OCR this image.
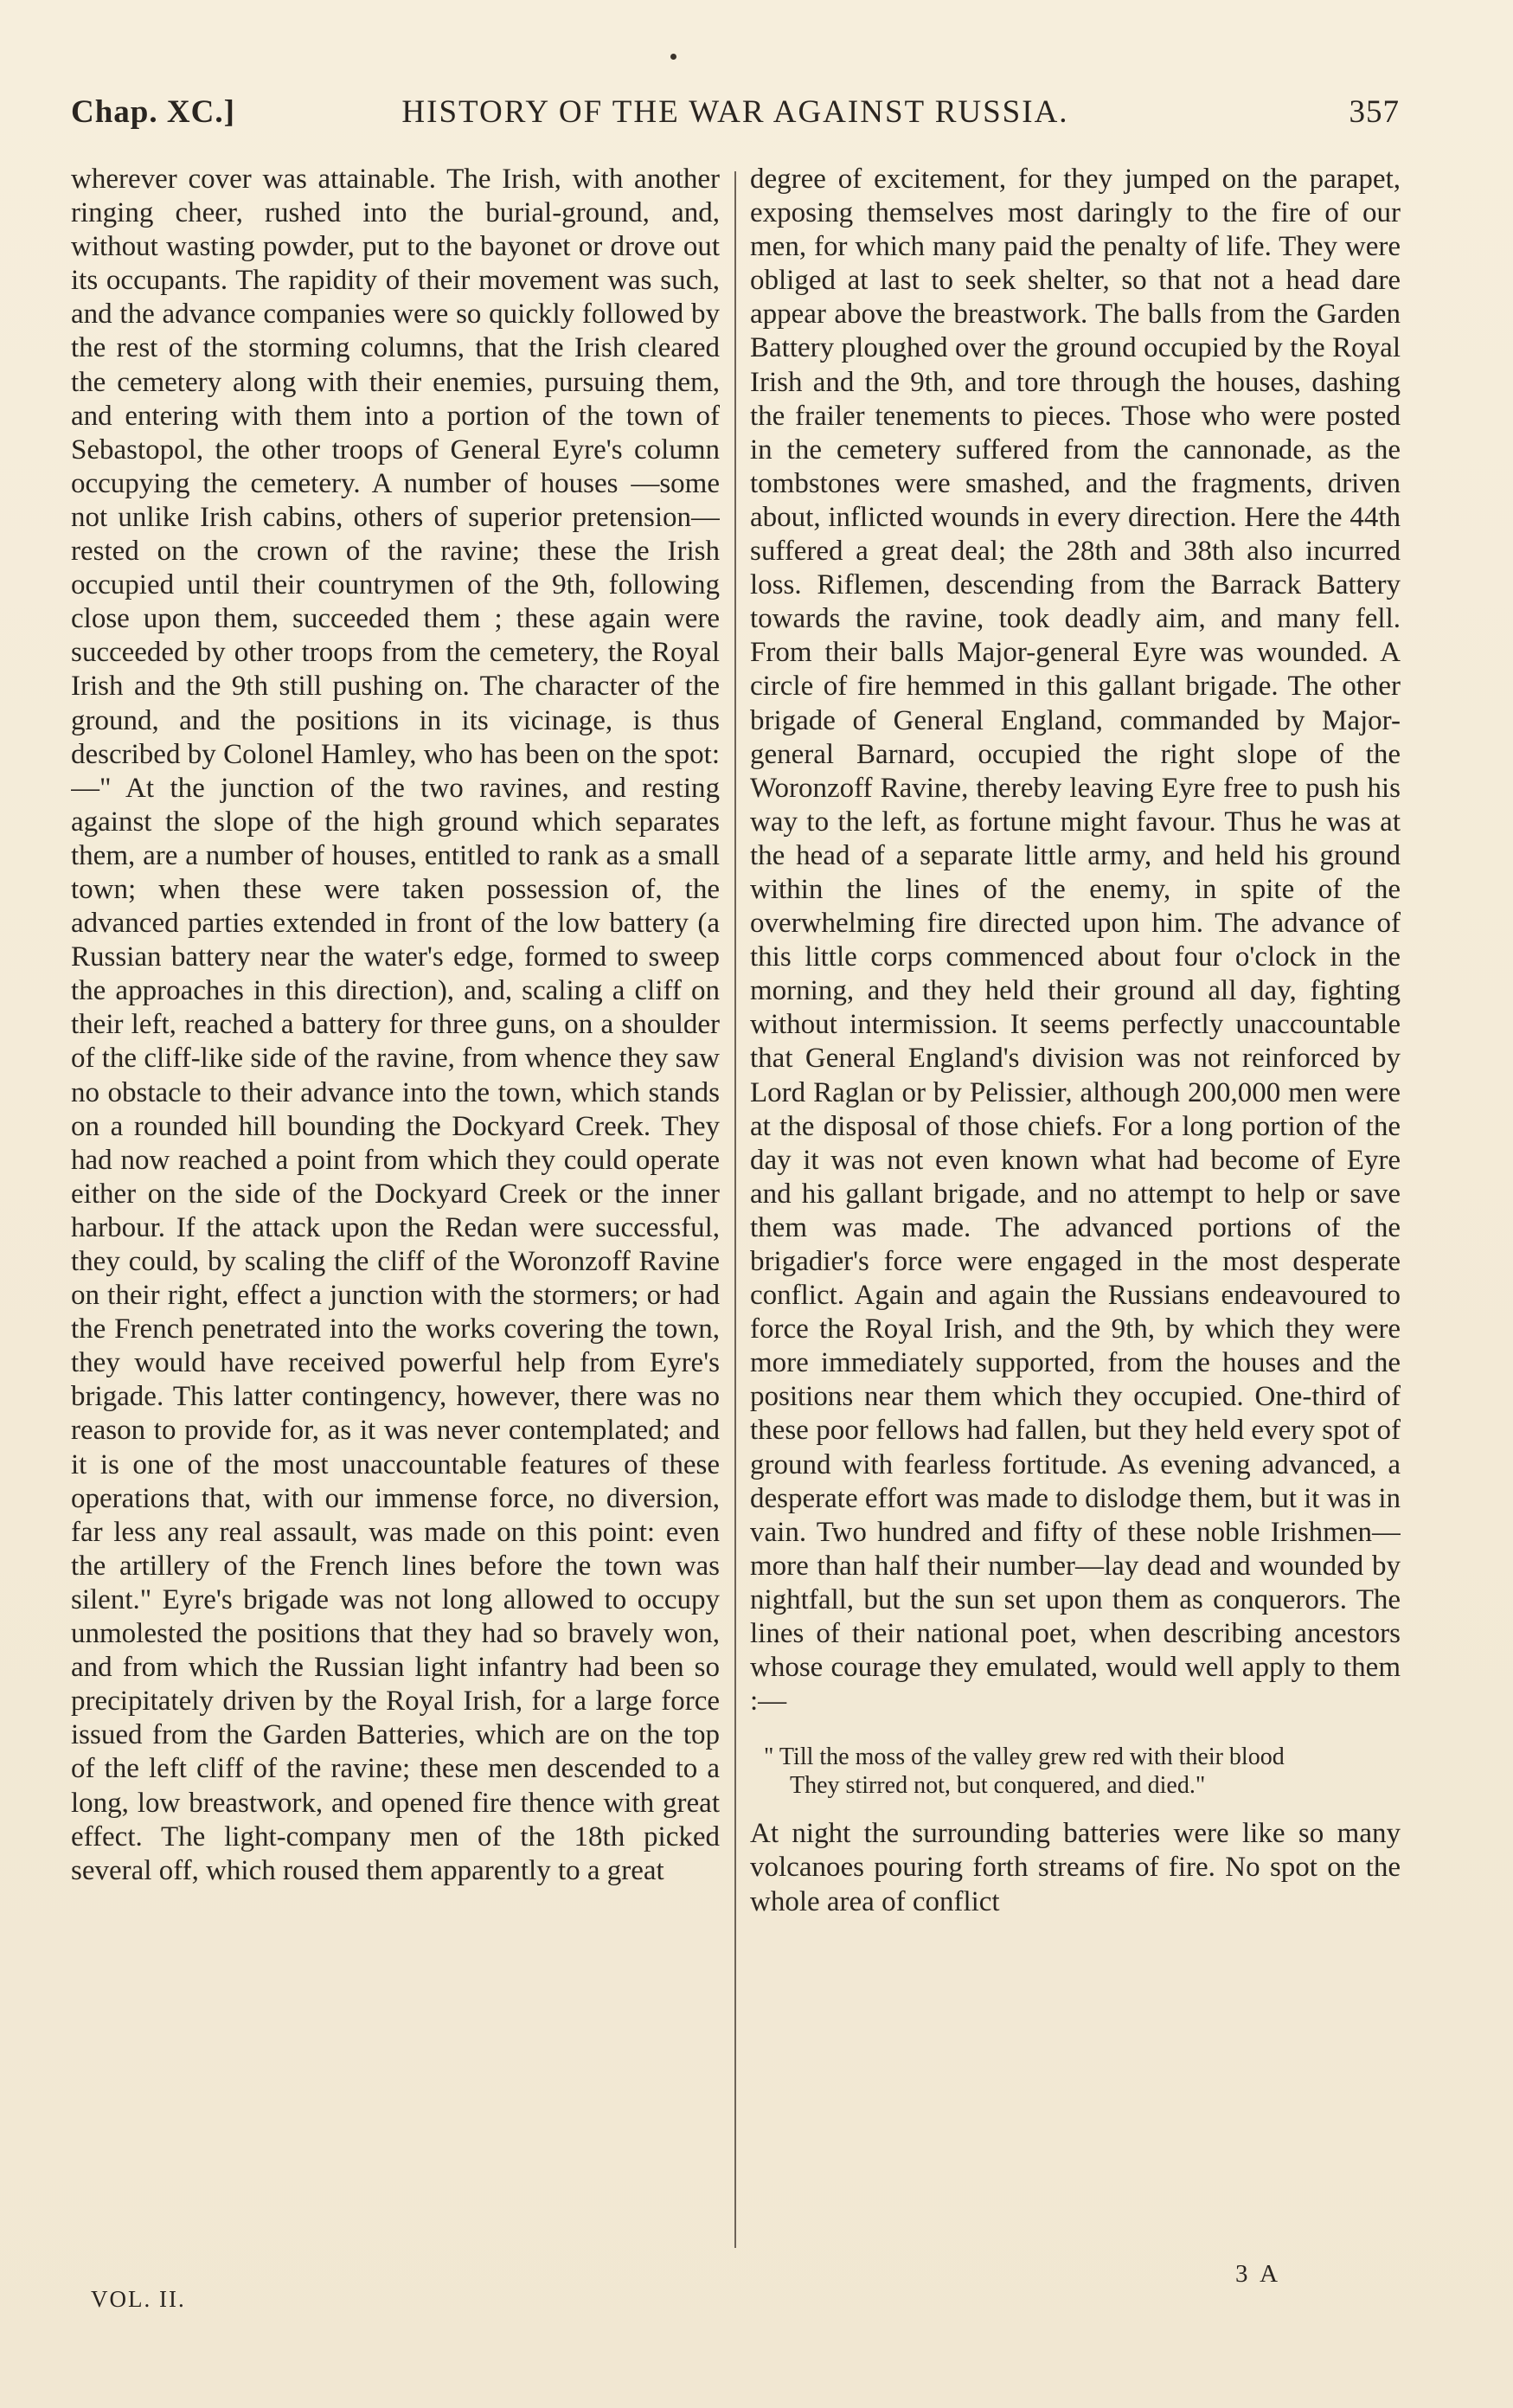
Chap. XC.]	HISTORY OF THE WAR AGAINST RUSSIA.	357

wherever cover was attainable. The Irish, with another ringing cheer, rushed into the burial-ground, and, without wasting powder, put to the bayonet or drove out its occupants. The rapidity of their movement was such, and the advance companies were so quickly followed by the rest of the storming columns, that the Irish cleared the cemetery along with their enemies, pursuing them, and entering with them into a portion of the town of Sebastopol, the other troops of General Eyre's column occupying the cemetery. A number of houses —some not unlike Irish cabins, others of superior pretension—rested on the crown of the ravine; these the Irish occupied until their countrymen of the 9th, following close upon them, succeeded them ; these again were succeeded by other troops from the cemetery, the Royal Irish and the 9th still pushing on. The character of the ground, and the positions in its vicinage, is thus described by Colonel Hamley, who has been on the spot:—" At the junction of the two ravines, and resting against the slope of the high ground which separates them, are a number of houses, entitled to rank as a small town; when these were taken possession of, the advanced parties extended in front of the low battery (a Russian battery near the water's edge, formed to sweep the approaches in this direction), and, scaling a cliff on their left, reached a battery for three guns, on a shoulder of the cliff-like side of the ravine, from whence they saw no obstacle to their advance into the town, which stands on a rounded hill bounding the Dockyard Creek. They had now reached a point from which they could operate either on the side of the Dockyard Creek or the inner harbour. If the attack upon the Redan were successful, they could, by scaling the cliff of the Woronzoff Ravine on their right, effect a junction with the stormers; or had the French penetrated into the works covering the town, they would have received powerful help from Eyre's brigade. This latter contingency, however, there was no reason to provide for, as it was never contemplated; and it is one of the most unaccountable features of these operations that, with our immense force, no diversion, far less any real assault, was made on this point: even the artillery of the French lines before the town was silent." Eyre's brigade was not long allowed to occupy unmolested the positions that they had so bravely won, and from which the Russian light infantry had been so precipitately driven by the Royal Irish, for a large force issued from the Garden Batteries, which are on the top of the left cliff of the ravine; these men descended to a long, low breastwork, and opened fire thence with great effect. The light-company men of the 18th picked several off, which roused them apparently to a great

degree of excitement, for they jumped on the parapet, exposing themselves most daringly to the fire of our men, for which many paid the penalty of life. They were obliged at last to seek shelter, so that not a head dare appear above the breastwork. The balls from the Garden Battery ploughed over the ground occupied by the Royal Irish and the 9th, and tore through the houses, dashing the frailer tenements to pieces. Those who were posted in the cemetery suffered from the cannonade, as the tombstones were smashed, and the fragments, driven about, inflicted wounds in every direction. Here the 44th suffered a great deal; the 28th and 38th also incurred loss. Riflemen, descending from the Barrack Battery towards the ravine, took deadly aim, and many fell. From their balls Major-general Eyre was wounded. A circle of fire hemmed in this gallant brigade. The other brigade of General England, commanded by Major-general Barnard, occupied the right slope of the Woronzoff Ravine, thereby leaving Eyre free to push his way to the left, as fortune might favour. Thus he was at the head of a separate little army, and held his ground within the lines of the enemy, in spite of the overwhelming fire directed upon him. The advance of this little corps commenced about four o'clock in the morning, and they held their ground all day, fighting without intermission. It seems perfectly unaccountable that General England's division was not reinforced by Lord Raglan or by Pelissier, although 200,000 men were at the disposal of those chiefs. For a long portion of the day it was not even known what had become of Eyre and his gallant brigade, and no attempt to help or save them was made. The advanced portions of the brigadier's force were engaged in the most desperate conflict. Again and again the Russians endeavoured to force the Royal Irish, and the 9th, by which they were more immediately supported, from the houses and the positions near them which they occupied. One-third of these poor fellows had fallen, but they held every spot of ground with fearless fortitude. As evening advanced, a desperate effort was made to dislodge them, but it was in vain. Two hundred and fifty of these noble Irishmen—more than half their number—lay dead and wounded by nightfall, but the sun set upon them as conquerors. The lines of their national poet, when describing ancestors whose courage they emulated, would well apply to them :—

" Till the moss of the valley grew red with their blood
They stirred not, but conquered, and died."

At night the surrounding batteries were like so many volcanoes pouring forth streams of fire. No spot on the whole area of conflict

VOL. II.
3 A
